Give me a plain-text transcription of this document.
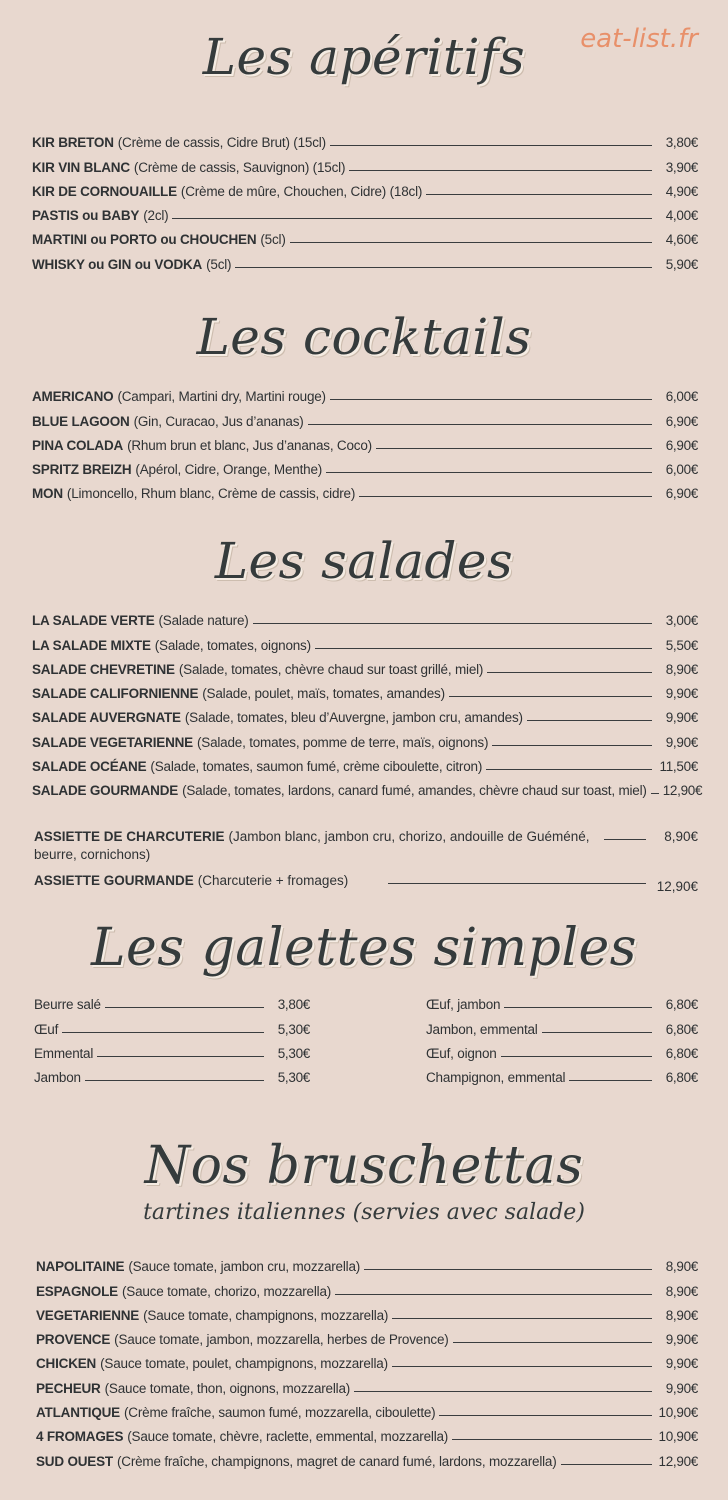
eat-list.fr
Les apéritifs
KIR BRETON (Crème de cassis, Cidre Brut) (15cl)	3,80€
KIR VIN BLANC (Crème de cassis, Sauvignon) (15cl)	3,90€
KIR DE CORNOUAILLE (Crème de mûre, Chouchen, Cidre) (18cl)	4,90€
PASTIS ou BABY (2cl)	4,00€
MARTINI ou PORTO ou CHOUCHEN (5cl)	4,60€
WHISKY ou GIN ou VODKA (5cl)	5,90€
Les cocktails
AMERICANO (Campari, Martini dry, Martini rouge)	6,00€
BLUE LAGOON (Gin, Curacao, Jus d’ananas)	6,90€
PINA COLADA (Rhum brun et blanc, Jus d’ananas, Coco)	6,90€
SPRITZ BREIZH (Apérol, Cidre, Orange, Menthe)	6,00€
MON (Limoncello, Rhum blanc, Crème de cassis, cidre)	6,90€
Les salades
LA SALADE VERTE (Salade nature)	3,00€
LA SALADE MIXTE (Salade, tomates, oignons)	5,50€
SALADE CHEVRETINE (Salade, tomates, chèvre chaud sur toast grillé, miel)	8,90€
SALADE CALIFORNIENNE (Salade, poulet, maïs, tomates, amandes)	9,90€
SALADE AUVERGNATE (Salade, tomates, bleu d’Auvergne, jambon cru, amandes)	9,90€
SALADE VEGETARIENNE (Salade, tomates, pomme de terre, maïs, oignons)	9,90€
SALADE OCÉANE (Salade, tomates, saumon fumé, crème ciboulette, citron)	11,50€
SALADE GOURMANDE (Salade, tomates, lardons, canard fumé, amandes, chèvre chaud sur toast, miel) 12,90€
ASSIETTE DE CHARCUTERIE (Jambon blanc, jambon cru, chorizo, andouille de Guéméné,	8,90€
beurre, cornichons)
ASSIETTE GOURMANDE (Charcuterie + fromages)	12,90€
Les galettes simples
Beurre salé	3,80€
Œuf	5,30€
Emmental	5,30€
Jambon	5,30€
Œuf, jambon	6,80€
Jambon, emmental	6,80€
Œuf, oignon	6,80€
Champignon, emmental	6,80€
Nos bruschettas
tartines italiennes (servies avec salade)
NAPOLITAINE (Sauce tomate, jambon cru, mozzarella)	8,90€
ESPAGNOLE (Sauce tomate, chorizo, mozzarella)	8,90€
VEGETARIENNE (Sauce tomate, champignons, mozzarella)	8,90€
PROVENCE (Sauce tomate, jambon, mozzarella, herbes de Provence)	9,90€
CHICKEN (Sauce tomate, poulet, champignons, mozzarella)	9,90€
PECHEUR (Sauce tomate, thon, oignons, mozzarella)	9,90€
ATLANTIQUE (Crème fraîche, saumon fumé, mozzarella, ciboulette)	10,90€
4 FROMAGES (Sauce tomate, chèvre, raclette, emmental, mozzarella)	10,90€
SUD OUEST (Crème fraîche, champignons, magret de canard fumé, lardons, mozzarella)	12,90€
